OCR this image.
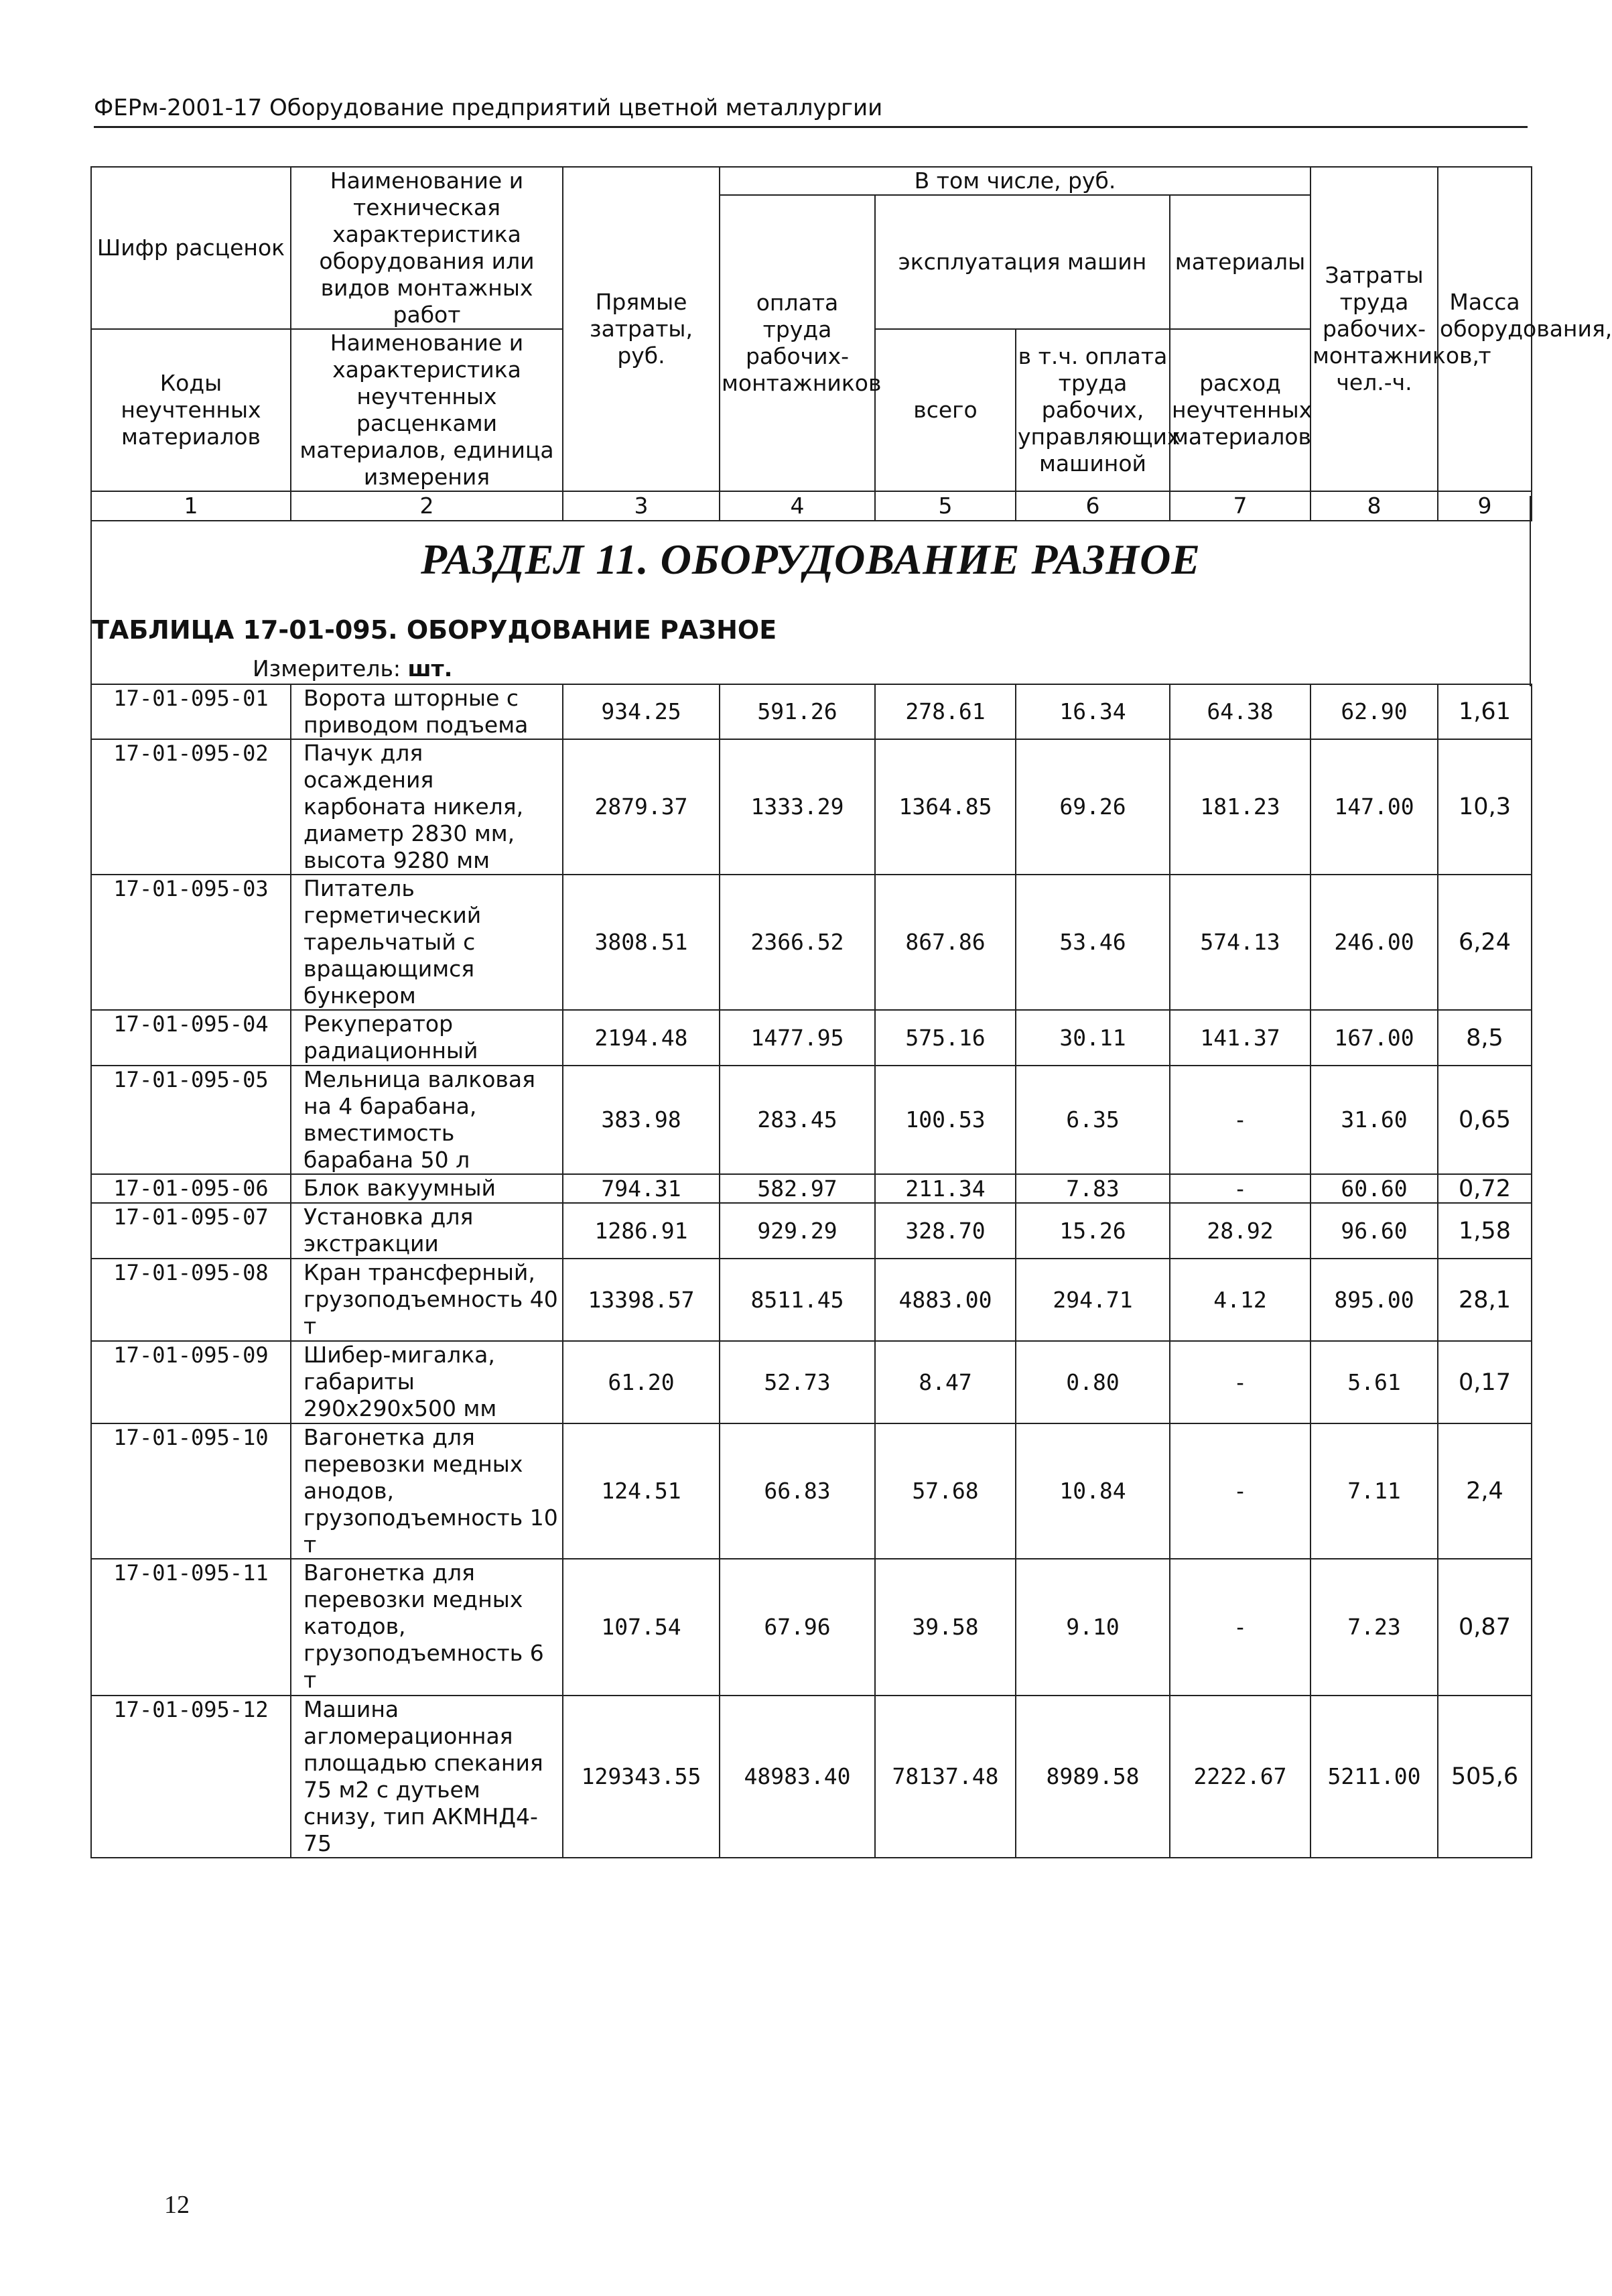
ФЕРм-2001-17 Оборудование предприятий цветной металлургии
Шифр расценок	Наименование и техническая характеристика оборудования или видов монтажных работ	Прямые затраты, руб.	В том числе, руб.				Затраты труда рабочих-монтажников, чел.-ч.	Масса оборудования, т
			оплата труда рабочих-монтажников	эксплуатация машин		материалы		

Коды неучтенных материалов	Наименование и характеристика неучтенных расценками материалов, единица измерения			всего	в т.ч. оплата труда рабочих, управляющих машиной	расход неучтенных материалов		

1	2	3	4	5	6	7	8	9
РАЗДЕЛ 11. ОБОРУДОВАНИЕ РАЗНОЕ
ТАБЛИЦА 17-01-095. ОБОРУДОВАНИЕ РАЗНОЕ
Измеритель: шт.
17-01-095-01	Ворота шторные с приводом подъема	934.25	591.26	278.61	16.34	64.38	62.90	1,61
17-01-095-02	Пачук для осаждения карбоната никеля, диаметр 2830 мм, высота 9280 мм	2879.37	1333.29	1364.85	69.26	181.23	147.00	10,3
17-01-095-03	Питатель герметический тарельчатый с вращающимся бункером	3808.51	2366.52	867.86	53.46	574.13	246.00	6,24
17-01-095-04	Рекуператор радиационный	2194.48	1477.95	575.16	30.11	141.37	167.00	8,5
17-01-095-05	Мельница валковая на 4 барабана, вместимость барабана 50 л	383.98	283.45	100.53	6.35	-	31.60	0,65
17-01-095-06	Блок вакуумный	794.31	582.97	211.34	7.83	-	60.60	0,72
17-01-095-07	Установка для экстракции	1286.91	929.29	328.70	15.26	28.92	96.60	1,58
17-01-095-08	Кран трансферный, грузоподъемность 40 т	13398.57	8511.45	4883.00	294.71	4.12	895.00	28,1
17-01-095-09	Шибер-мигалка, габариты 290x290x500 мм	61.20	52.73	8.47	0.80	-	5.61	0,17
17-01-095-10	Вагонетка для перевозки медных анодов, грузоподъемность 10 т	124.51	66.83	57.68	10.84	-	7.11	2,4
17-01-095-11	Вагонетка для перевозки медных катодов, грузоподъемность 6 т	107.54	67.96	39.58	9.10	-	7.23	0,87
17-01-095-12	Машина агломерационная площадью спекания 75 м2 с дутьем снизу, тип АКМНД4-75	129343.55	48983.40	78137.48	8989.58	2222.67	5211.00	505,6
12
